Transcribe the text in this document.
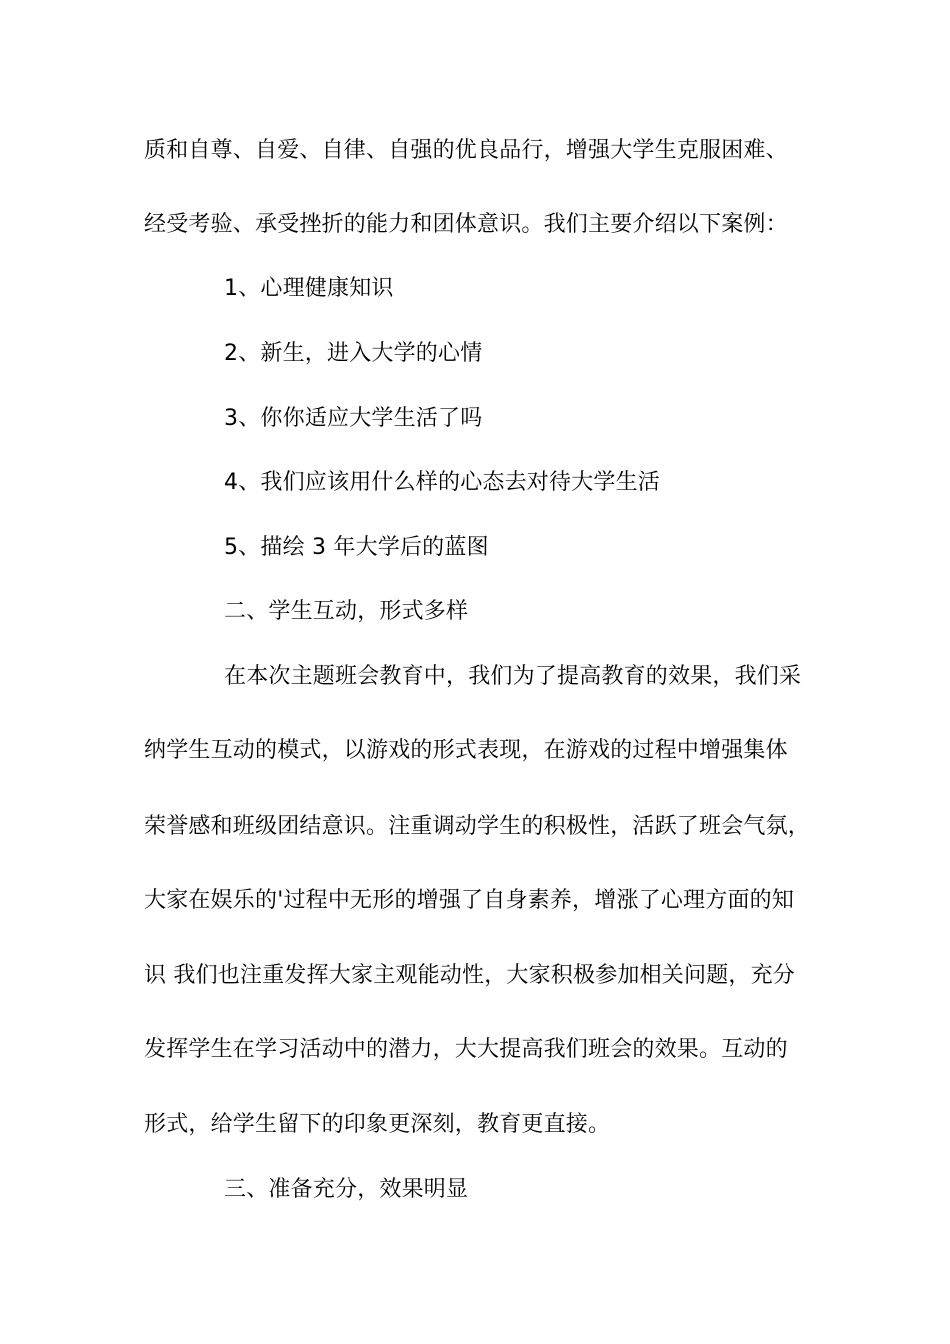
质和自尊、自爱、自律、自强的优良品行，增强大学生克服困难、
经受考验、承受挫折的能力和团体意识。我们主要介绍以下案例：
1、心理健康知识
2、新生，进入大学的心情
3、你你适应大学生活了吗
4、我们应该用什么样的心态去对待大学生活
5、描绘 3 年大学后的蓝图
二、学生互动，形式多样
在本次主题班会教育中，我们为了提高教育的效果，我们采
纳学生互动的模式，以游戏的形式表现，在游戏的过程中增强集体
荣誉感和班级团结意识。注重调动学生的积极性，活跃了班会气氛，
大家在娱乐的'过程中无形的增强了自身素养，增涨了心理方面的知
识 我们也注重发挥大家主观能动性，大家积极参加相关问题，充分
发挥学生在学习活动中的潜力，大大提高我们班会的效果。互动的
形式，给学生留下的印象更深刻，教育更直接。
三、准备充分，效果明显
